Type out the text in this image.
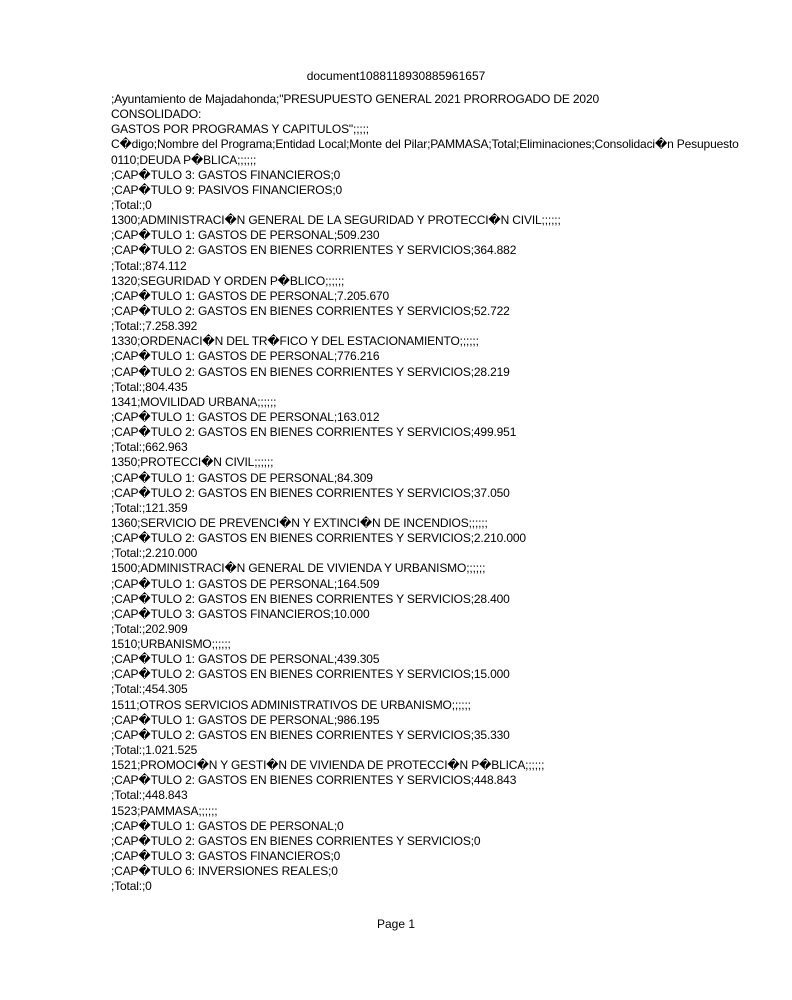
document1088118930885961657
;Ayuntamiento de Majadahonda;"PRESUPUESTO GENERAL 2021 PRORROGADO DE 2020
CONSOLIDADO:
GASTOS POR PROGRAMAS Y CAPITULOS";;;;;
C�digo;Nombre del Programa;Entidad Local;Monte del Pilar;PAMMASA;Total;Eliminaciones;Consolidaci�n Pesupuesto
0110;DEUDA P�BLICA;;;;;;
;CAP�TULO 3: GASTOS FINANCIEROS;0
;CAP�TULO 9: PASIVOS FINANCIEROS;0
;Total:;0
1300;ADMINISTRACI�N GENERAL DE LA SEGURIDAD Y PROTECCI�N CIVIL;;;;;;
;CAP�TULO 1: GASTOS DE PERSONAL;509.230
;CAP�TULO 2: GASTOS EN BIENES CORRIENTES Y SERVICIOS;364.882
;Total:;874.112
1320;SEGURIDAD Y ORDEN P�BLICO;;;;;;
;CAP�TULO 1: GASTOS DE PERSONAL;7.205.670
;CAP�TULO 2: GASTOS EN BIENES CORRIENTES Y SERVICIOS;52.722
;Total:;7.258.392
1330;ORDENACI�N DEL TR�FICO Y DEL ESTACIONAMIENTO;;;;;;
;CAP�TULO 1: GASTOS DE PERSONAL;776.216
;CAP�TULO 2: GASTOS EN BIENES CORRIENTES Y SERVICIOS;28.219
;Total:;804.435
1341;MOVILIDAD URBANA;;;;;;
;CAP�TULO 1: GASTOS DE PERSONAL;163.012
;CAP�TULO 2: GASTOS EN BIENES CORRIENTES Y SERVICIOS;499.951
;Total:;662.963
1350;PROTECCI�N CIVIL;;;;;;
;CAP�TULO 1: GASTOS DE PERSONAL;84.309
;CAP�TULO 2: GASTOS EN BIENES CORRIENTES Y SERVICIOS;37.050
;Total:;121.359
1360;SERVICIO DE PREVENCI�N Y EXTINCI�N DE INCENDIOS;;;;;;
;CAP�TULO 2: GASTOS EN BIENES CORRIENTES Y SERVICIOS;2.210.000
;Total:;2.210.000
1500;ADMINISTRACI�N GENERAL DE VIVIENDA Y URBANISMO;;;;;;
;CAP�TULO 1: GASTOS DE PERSONAL;164.509
;CAP�TULO 2: GASTOS EN BIENES CORRIENTES Y SERVICIOS;28.400
;CAP�TULO 3: GASTOS FINANCIEROS;10.000
;Total:;202.909
1510;URBANISMO;;;;;;
;CAP�TULO 1: GASTOS DE PERSONAL;439.305
;CAP�TULO 2: GASTOS EN BIENES CORRIENTES Y SERVICIOS;15.000
;Total:;454.305
1511;OTROS SERVICIOS ADMINISTRATIVOS DE URBANISMO;;;;;;
;CAP�TULO 1: GASTOS DE PERSONAL;986.195
;CAP�TULO 2: GASTOS EN BIENES CORRIENTES Y SERVICIOS;35.330
;Total:;1.021.525
1521;PROMOCI�N Y GESTI�N DE VIVIENDA DE PROTECCI�N P�BLICA;;;;;;
;CAP�TULO 2: GASTOS EN BIENES CORRIENTES Y SERVICIOS;448.843
;Total:;448.843
1523;PAMMASA;;;;;;
;CAP�TULO 1: GASTOS DE PERSONAL;0
;CAP�TULO 2: GASTOS EN BIENES CORRIENTES Y SERVICIOS;0
;CAP�TULO 3: GASTOS FINANCIEROS;0
;CAP�TULO 6: INVERSIONES REALES;0
;Total:;0
Page 1
